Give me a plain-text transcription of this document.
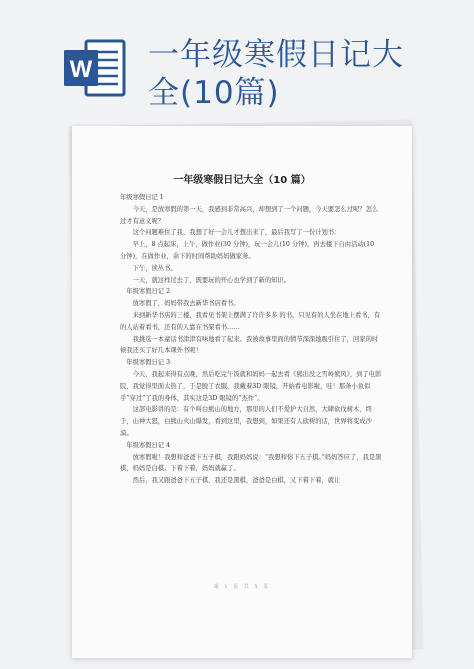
W 一年级寒假日记大
全(10篇)
一年级寒假日记大全（10 篇）

年级寒假日记 1

今天，是放寒假的第一天，我感到非常高兴，却想到了一个问题，今天要怎么过呢？怎么过才有意义呢？

这个问题难住了我，我想了好一会儿才想出来了，最后我写了一份计划书：

早上，8 点起床，上午，做作业(30 分钟)，玩一会儿(10 分钟)，再去楼下自由活动(10 分钟)，在做作业，余下的时间帮助妈妈做家务。

下午，读丛书。

一天，就这样过去了，既要玩的开心也学到了新的知识。

年级寒假日记 2

放寒假了，妈妈带我去新华书店看书。

来到新华书店的三楼，我看见书架上摆满了许许多多 的书。只见有的人坐在地上看书，有的人站着看书，还有的人靠在书架看书……

我挑选一本童话书津津有味地看了起来。我被故事里面的情节深深地吸引住了，回家的时候我还买了好几本课外书呢！

年级寒假日记 3

今天，我起来得有点晚，然后吃完午饭就和妈妈一起去看《熊出没之雪岭熊风》，到了电影院，我觉得里面太热了，于是脱了衣服，我戴着3D 眼镜，开始看电影啦，哇！那条小鱼似乎“穿过”了我的身体，其实这是3D 眼镜的“杰作”。

这部电影讲的是：有个叫白熊山的地方，那里的人们不爱护大自然，大肆砍伐树木，终于，山神大怒，白熊山火山爆发，看到这里，我想到，如果还有人砍树的话，世界将变成沙漠。

年级寒假日记 4

放寒假啦！我想和爸爸下五子棋，我跟妈妈说：“我想和你下五子棋。”妈妈答应了，我是黑棋，妈妈是白棋。下着下着，妈妈就赢了。

然后，我又跟爸爸下五子棋，我还是黑棋，爸爸是白棋，又下着下着，就让

第 1 页 共 5 页
